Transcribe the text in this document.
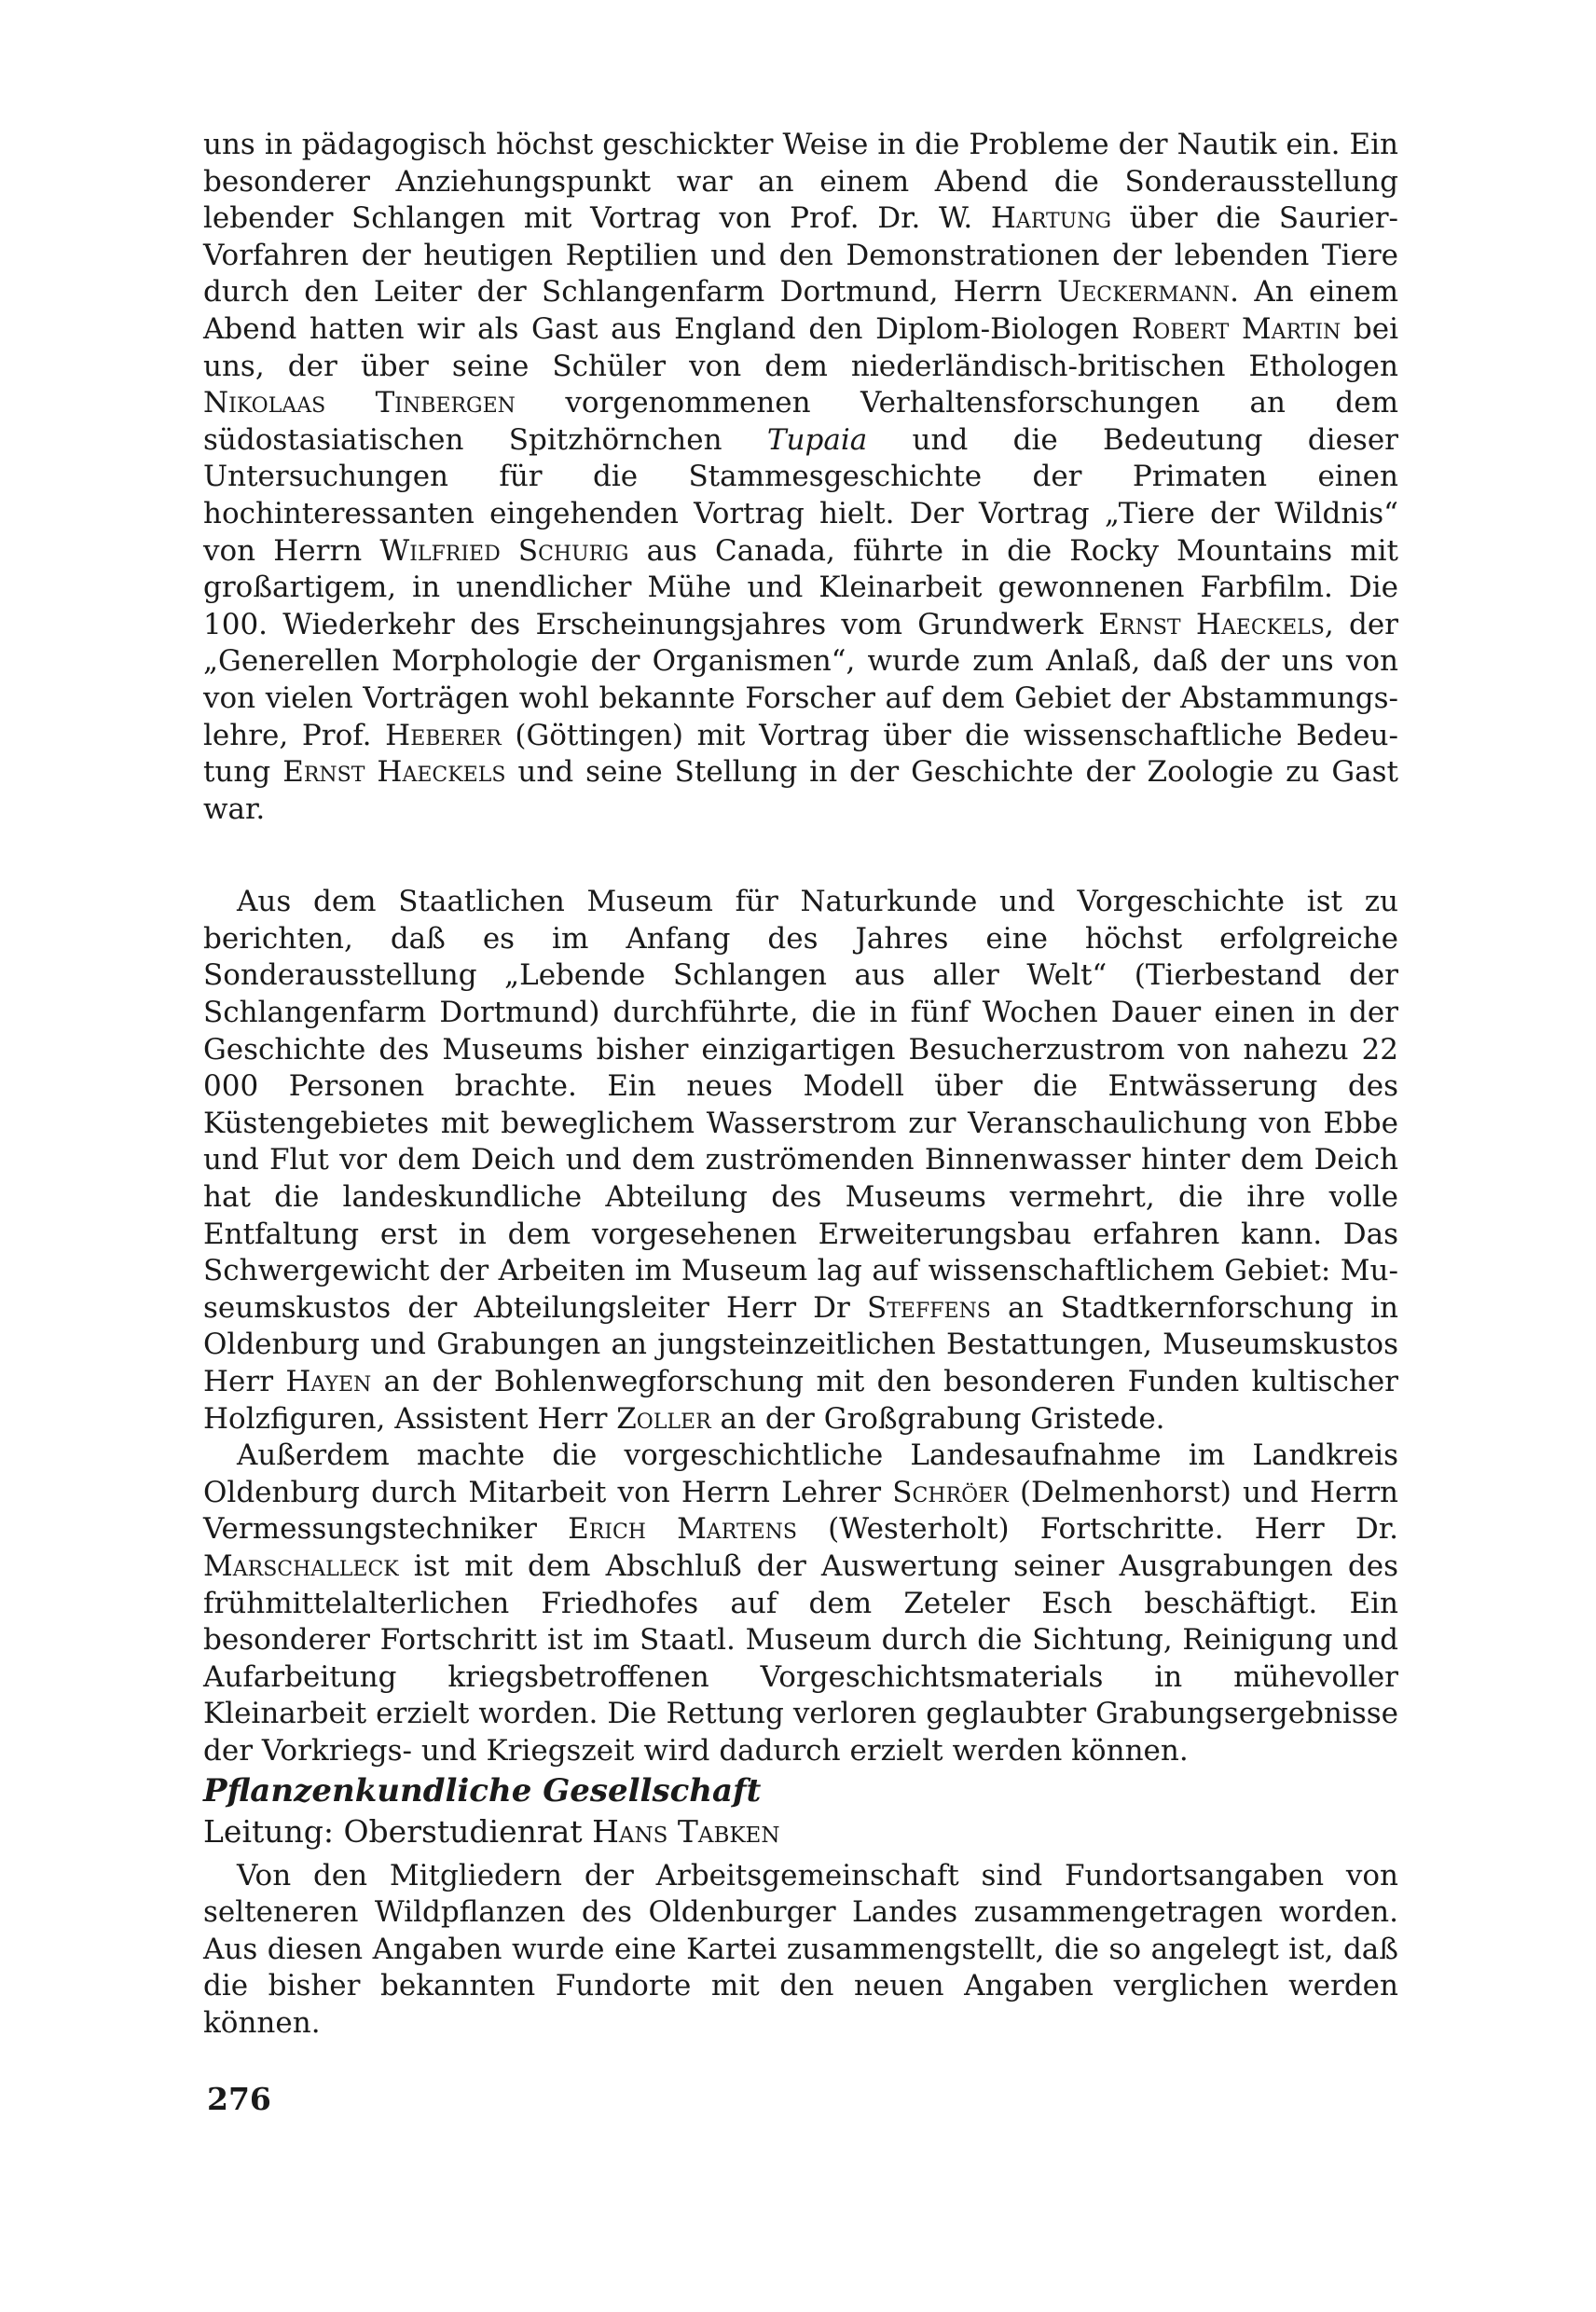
uns in pädagogisch höchst geschickter Weise in die Probleme der Nautik ein. Ein besonderer Anziehungspunkt war an einem Abend die Sonderausstellung lebender Schlangen mit Vortrag von Prof. Dr. W. Hartung über die Saurier-Vorfahren der heutigen Reptilien und den Demonstrationen der lebenden Tiere durch den Leiter der Schlangenfarm Dortmund, Herrn Ueckermann. An einem Abend hatten wir als Gast aus England den Diplom-Biologen Robert Martin bei uns, der über seine Schüler von dem niederländisch-britischen Ethologen Nikolaas Tinbergen vorgenommenen Verhaltensforschungen an dem südostasiatischen Spitzhörnchen Tupaia und die Bedeutung dieser Untersuchungen für die Stammesgeschichte der Primaten einen hochinteressanten eingehenden Vortrag hielt. Der Vortrag „Tiere der Wildnis“ von Herrn Wilfried Schurig aus Canada, führte in die Rocky Mountains mit großartigem, in unendlicher Mühe und Kleinarbeit gewonnenen Farbfilm. Die 100. Wiederkehr des Erscheinungsjahres vom Grundwerk Ernst Haeckels, der „Generellen Morphologie der Organismen“, wurde zum Anlaß, daß der uns von von vielen Vorträgen wohl bekannte Forscher auf dem Gebiet der Abstammungslehre, Prof. Heberer (Göttingen) mit Vortrag über die wissenschaftliche Bedeutung Ernst Haeckels und seine Stellung in der Geschichte der Zoologie zu Gast war.

Aus dem Staatlichen Museum für Naturkunde und Vorgeschichte ist zu berichten, daß es im Anfang des Jahres eine höchst erfolgreiche Sonderausstellung „Lebende Schlangen aus aller Welt“ (Tierbestand der Schlangenfarm Dortmund) durchführte, die in fünf Wochen Dauer einen in der Geschichte des Museums bisher einzigartigen Besucherzustrom von nahezu 22 000 Personen brachte. Ein neues Modell über die Entwässerung des Küstengebietes mit beweglichem Wasserstrom zur Veranschaulichung von Ebbe und Flut vor dem Deich und dem zuströmenden Binnenwasser hinter dem Deich hat die landeskundliche Abteilung des Museums vermehrt, die ihre volle Entfaltung erst in dem vorgesehenen Erweiterungsbau erfahren kann. Das Schwergewicht der Arbeiten im Museum lag auf wissenschaftlichem Gebiet: Museumskustos der Abteilungsleiter Herr Dr Steffens an Stadtkernforschung in Oldenburg und Grabungen an jungsteinzeitlichen Bestattungen, Museumskustos Herr Hayen an der Bohlenwegforschung mit den besonderen Funden kultischer Holzfiguren, Assistent Herr Zoller an der Großgrabung Gristede.

Außerdem machte die vorgeschichtliche Landesaufnahme im Landkreis Oldenburg durch Mitarbeit von Herrn Lehrer Schröer (Delmenhorst) und Herrn Vermessungstechniker Erich Martens (Westerholt) Fortschritte. Herr Dr. Marschalleck ist mit dem Abschluß der Auswertung seiner Ausgrabungen des frühmittelalterlichen Friedhofes auf dem Zeteler Esch beschäftigt. Ein besonderer Fortschritt ist im Staatl. Museum durch die Sichtung, Reinigung und Aufarbeitung kriegsbetroffenen Vorgeschichtsmaterials in mühevoller Kleinarbeit erzielt worden. Die Rettung verloren geglaubter Grabungsergebnisse der Vorkriegs- und Kriegszeit wird dadurch erzielt werden können.

Pflanzenkundliche Gesellschaft

Leitung: Oberstudienrat Hans Tabken

Von den Mitgliedern der Arbeitsgemeinschaft sind Fundortsangaben von selteneren Wildpflanzen des Oldenburger Landes zusammengetragen worden. Aus diesen Angaben wurde eine Kartei zusammengstellt, die so angelegt ist, daß die bisher bekannten Fundorte mit den neuen Angaben verglichen werden können.

276
